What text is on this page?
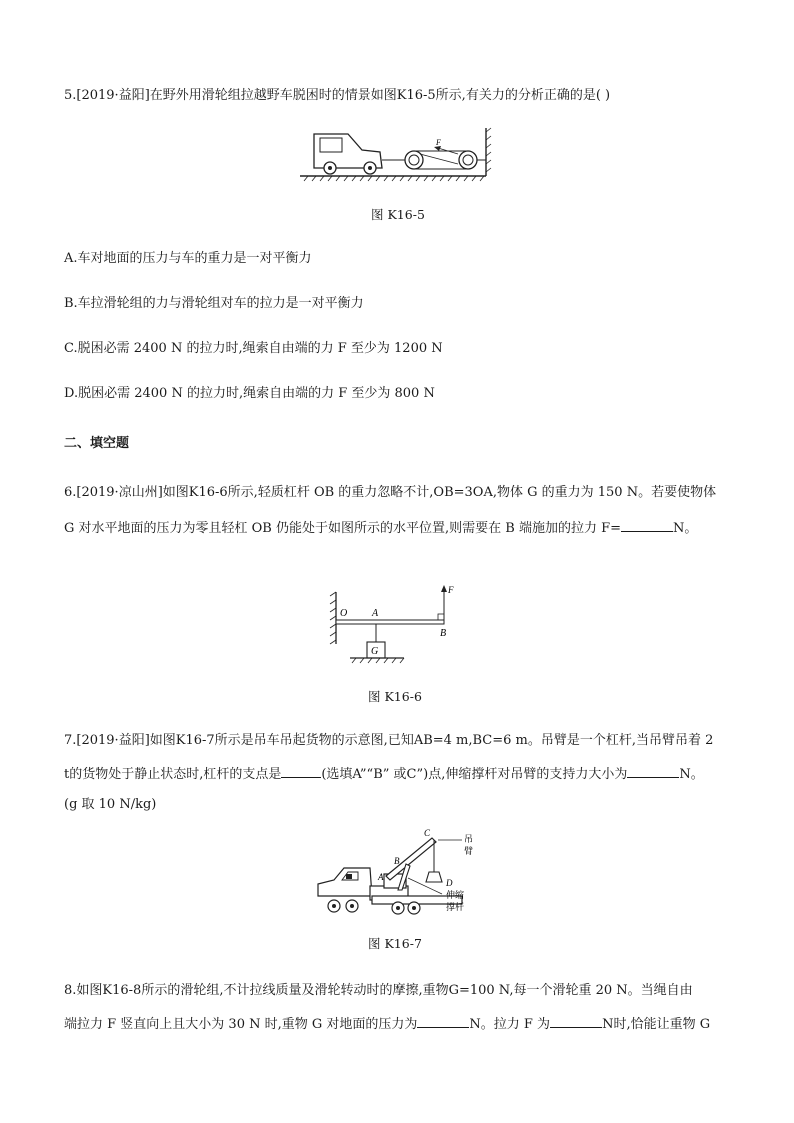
5.[2019·益阳]在野外用滑轮组拉越野车脱困时的情景如图K16-5所示,有关力的分析正确的是( )
F
图 K16-5
A.车对地面的压力与车的重力是一对平衡力
B.车拉滑轮组的力与滑轮组对车的拉力是一对平衡力
C.脱困必需 2400 N 的拉力时,绳索自由端的力 F 至少为 1200 N
D.脱困必需 2400 N 的拉力时,绳索自由端的力 F 至少为 800 N
二、填空题
6.[2019·凉山州]如图K16-6所示,轻质杠杆 OB 的重力忽略不计,OB=3OA,物体 G 的重力为 150 N。若要使物体
G 对水平地面的压力为零且轻杠 OB 仍能处于如图所示的水平位置,则需要在 B 端施加的拉力 F=	N。
O A
B
F
G
图 K16-6
7.[2019·益阳]如图K16-7所示是吊车吊起货物的示意图,已知AB=4 m,BC=6 m。吊臂是一个杠杆,当吊臂吊着 2
t的货物处于静止状态时,杠杆的支点是	(选填A”“B” 或C”)点,伸缩撑杆对吊臂的支持力大小为	N。
(g 取 10 N/kg)
A
B
C
D
吊
臂
伸缩
撑杆
图 K16-7
8.如图K16-8所示的滑轮组,不计拉线质量及滑轮转动时的摩擦,重物G=100 N,每一个滑轮重 20 N。当绳自由
端拉力 F 竖直向上且大小为 30 N 时,重物 G 对地面的压力为	N。拉力 F 为	N时,恰能让重物 G
